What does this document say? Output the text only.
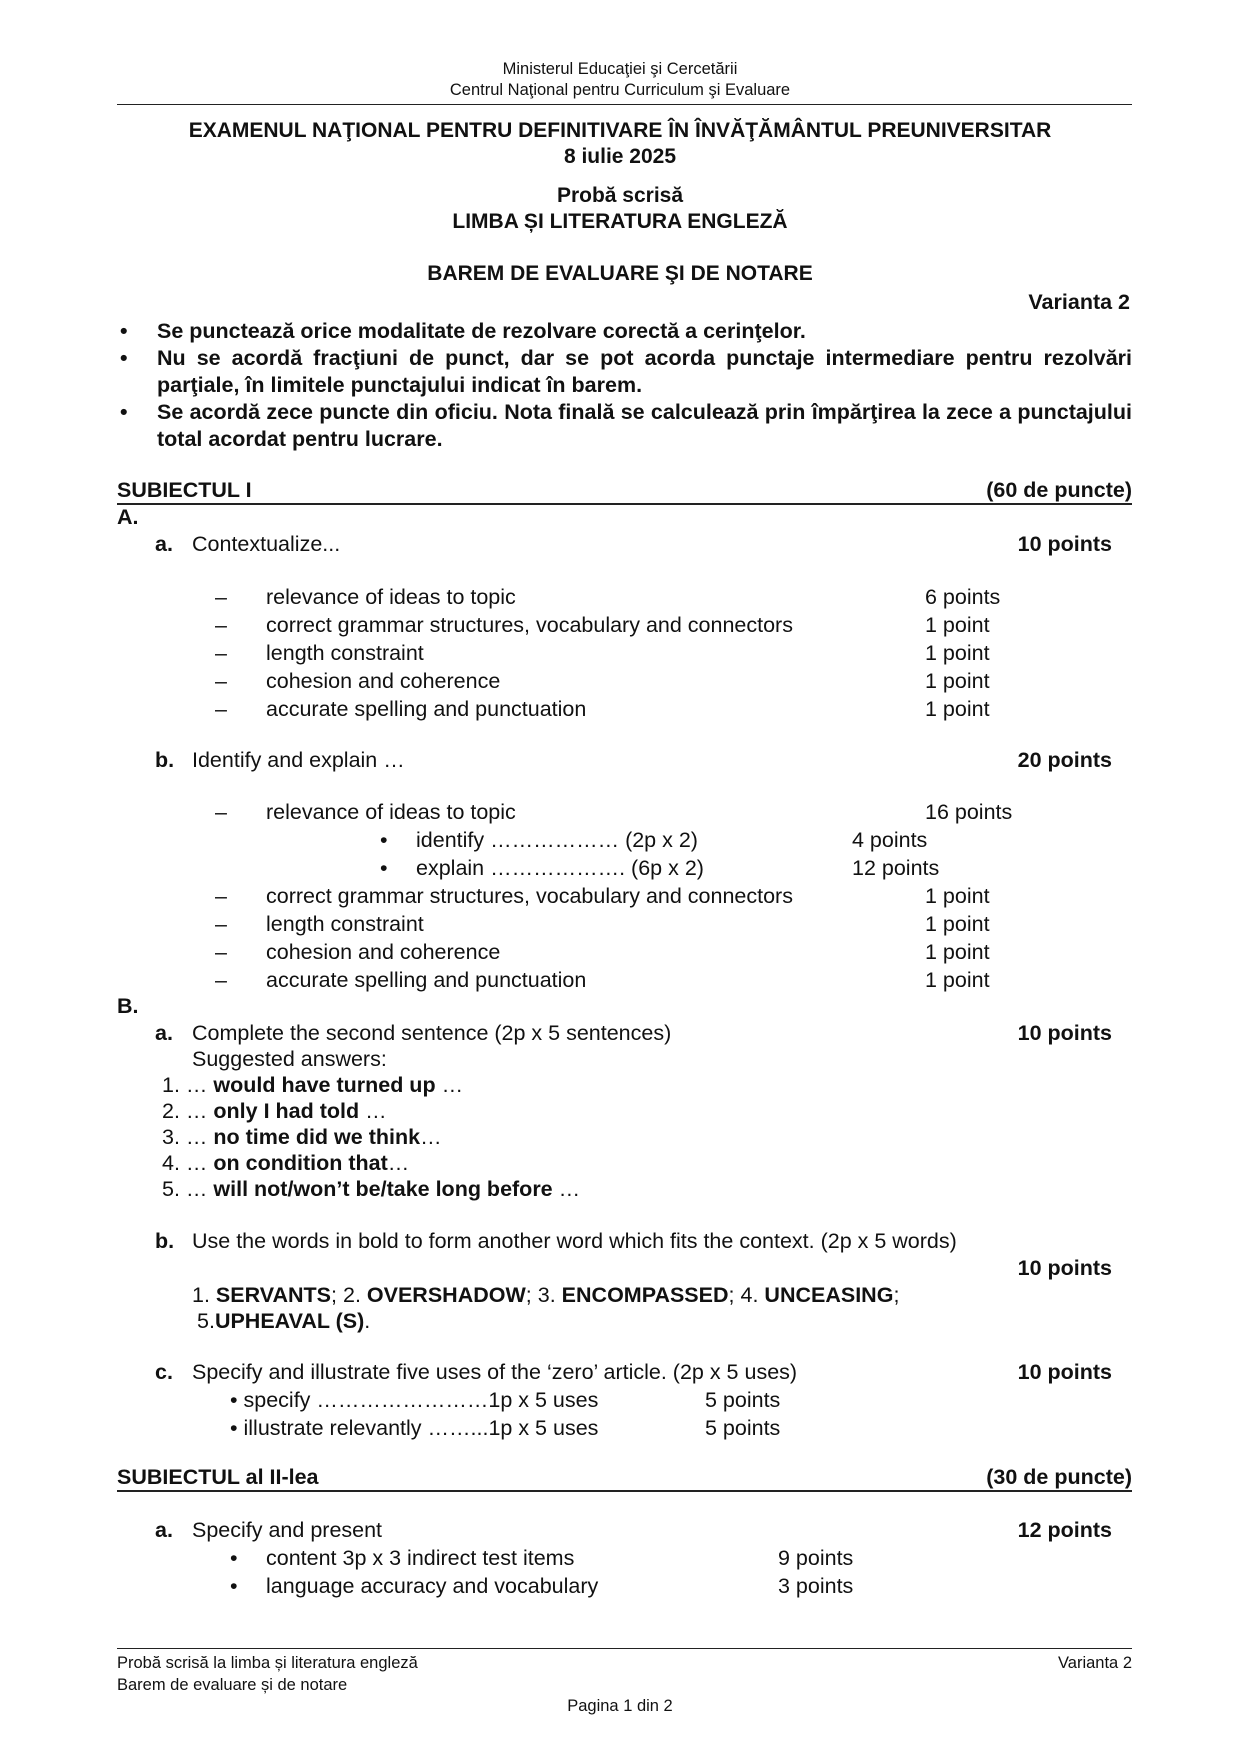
Ministerul Educaţiei şi Cercetării
Centrul Naţional pentru Curriculum şi Evaluare
EXAMENUL NAŢIONAL PENTRU DEFINITIVARE ÎN ÎNVĂŢĂMÂNTUL PREUNIVERSITAR
8 iulie 2025
Probă scrisă
LIMBA ȘI LITERATURA ENGLEZĂ
BAREM DE EVALUARE ŞI DE NOTARE
Varianta 2
• Se punctează orice modalitate de rezolvare corectă a cerinţelor.
• Nu se acordă fracţiuni de punct, dar se pot acorda punctaje intermediare pentru rezolvări parţiale, în limitele punctajului indicat în barem.
• Se acordă zece puncte din oficiu. Nota finală se calculează prin împărţirea la zece a punctajului total acordat pentru lucrare.
SUBIECTUL I	(60 de puncte)
A.
a. Contextualize...	10 points
– relevance of ideas to topic	6 points
– correct grammar structures, vocabulary and connectors	1 point
– length constraint	1 point
– cohesion and coherence	1 point
– accurate spelling and punctuation	1 point
b. Identify and explain …	20 points
– relevance of ideas to topic	16 points
• identify ……………… (2p x 2)	4 points
• explain ………………. (6p x 2)	12 points
– correct grammar structures, vocabulary and connectors	1 point
– length constraint	1 point
– cohesion and coherence	1 point
– accurate spelling and punctuation	1 point
B.
a. Complete the second sentence (2p x 5 sentences)	10 points
Suggested answers:
1. … would have turned up …
2. … only I had told …
3. … no time did we think…
4. … on condition that…
5. … will not/won’t be/take long before …
b. Use the words in bold to form another word which fits the context. (2p x 5 words)
10 points
1. SERVANTS; 2. OVERSHADOW; 3. ENCOMPASSED; 4. UNCEASING;
5.UPHEAVAL (S).
c. Specify and illustrate five uses of the ‘zero’ article. (2p x 5 uses)	10 points
• specify ……………………1p x 5 uses	5 points
• illustrate relevantly ……...1p x 5 uses	5 points
SUBIECTUL al II-lea	(30 de puncte)
a. Specify and present	12 points
• content 3p x 3 indirect test items	9 points
• language accuracy and vocabulary	3 points
Probă scrisă la limba și literatura engleză	Varianta 2
Barem de evaluare și de notare
Pagina 1 din 2
